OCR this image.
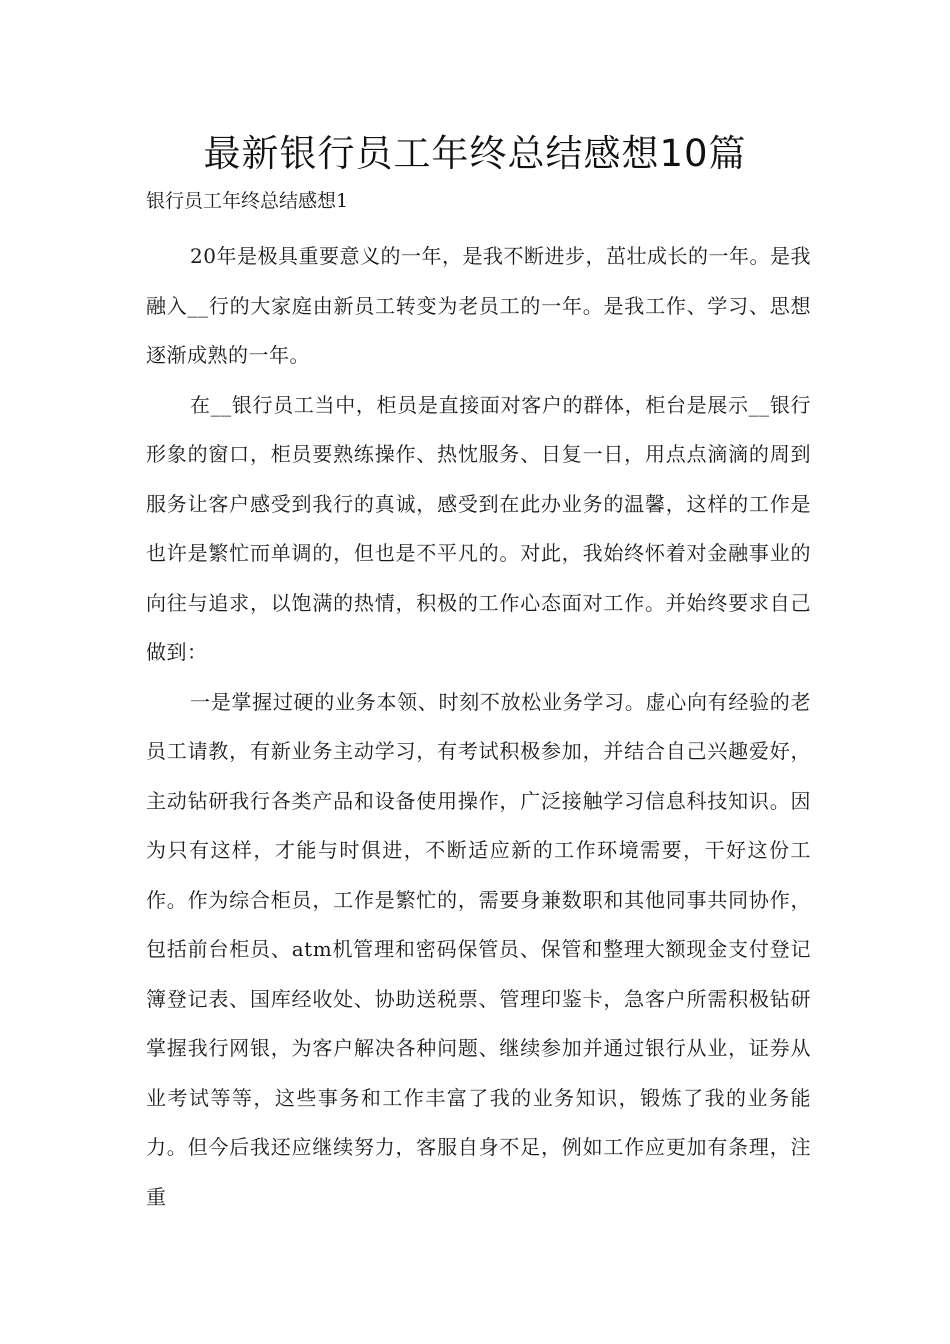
最新银行员工年终总结感想10篇
银行员工年终总结感想1

20年是极具重要意义的一年，是我不断进步，茁壮成长的一年。是我融入__行的大家庭由新员工转变为老员工的一年。是我工作、学习、思想逐渐成熟的一年。

在__银行员工当中，柜员是直接面对客户的群体，柜台是展示__银行形象的窗口，柜员要熟练操作、热忱服务、日复一日，用点点滴滴的周到服务让客户感受到我行的真诚，感受到在此办业务的温馨，这样的工作是也许是繁忙而单调的，但也是不平凡的。对此，我始终怀着对金融事业的向往与追求，以饱满的热情，积极的工作心态面对工作。并始终要求自己做到：

一是掌握过硬的业务本领、时刻不放松业务学习。虚心向有经验的老员工请教，有新业务主动学习，有考试积极参加，并结合自己兴趣爱好，主动钻研我行各类产品和设备使用操作，广泛接触学习信息科技知识。因为只有这样，才能与时俱进，不断适应新的工作环境需要，干好这份工作。作为综合柜员，工作是繁忙的，需要身兼数职和其他同事共同协作，包括前台柜员、atm机管理和密码保管员、保管和整理大额现金支付登记簿登记表、国库经收处、协助送税票、管理印鉴卡，急客户所需积极钻研掌握我行网银，为客户解决各种问题、继续参加并通过银行从业，证券从业考试等等，这些事务和工作丰富了我的业务知识，锻炼了我的业务能力。但今后我还应继续努力，客服自身不足，例如工作应更加有条理，注重
